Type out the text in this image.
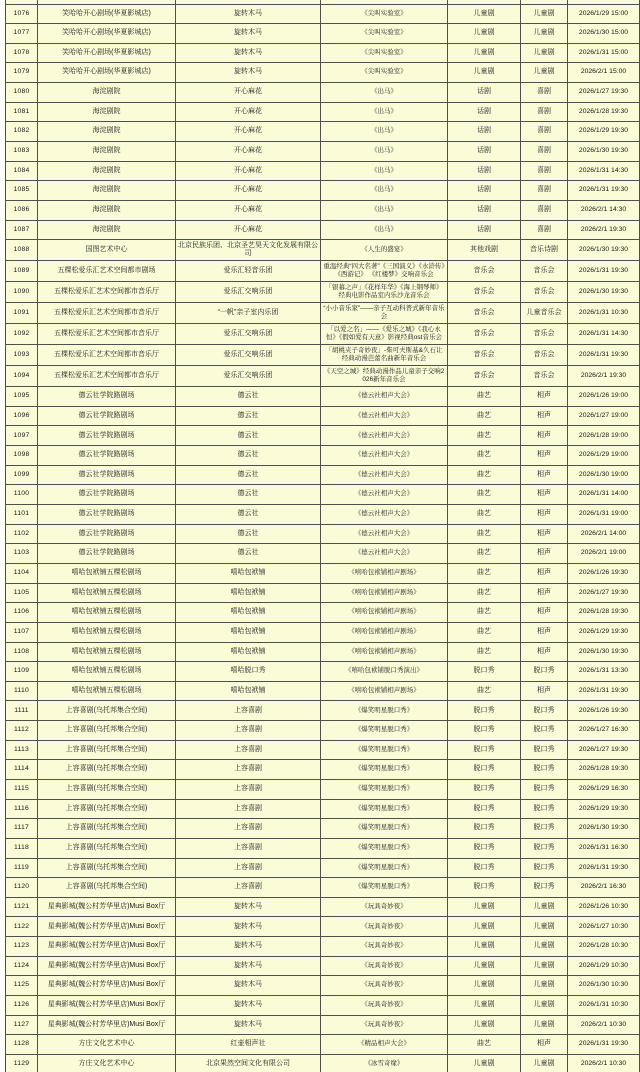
1076	笑哈哈开心剧场(华夏影城店)	旋转木马	《尖叫实验室》	儿童剧	儿童剧	2026/1/29 15:00
1077	笑哈哈开心剧场(华夏影城店)	旋转木马	《尖叫实验室》	儿童剧	儿童剧	2026/1/30 15:00
1078	笑哈哈开心剧场(华夏影城店)	旋转木马	《尖叫实验室》	儿童剧	儿童剧	2026/1/31 15:00
1079	笑哈哈开心剧场(华夏影城店)	旋转木马	《尖叫实验室》	儿童剧	儿童剧	2026/2/1 15:00
1080	海淀剧院	开心麻花	《出马》	话剧	喜剧	2026/1/27 19:30
1081	海淀剧院	开心麻花	《出马》	话剧	喜剧	2026/1/28 19:30
1082	海淀剧院	开心麻花	《出马》	话剧	喜剧	2026/1/29 19:30
1083	海淀剧院	开心麻花	《出马》	话剧	喜剧	2026/1/30 19:30
1084	海淀剧院	开心麻花	《出马》	话剧	喜剧	2026/1/31 14:30
1085	海淀剧院	开心麻花	《出马》	话剧	喜剧	2026/1/31 19:30
1086	海淀剧院	开心麻花	《出马》	话剧	喜剧	2026/2/1 14:30
1087	海淀剧院	开心麻花	《出马》	话剧	喜剧	2026/2/1 19:30
1088	国图艺术中心	北京民族乐团、北京圣艺昊天文化发展有限公司	《人生的盛宴》	其他戏剧	音乐诗剧	2026/1/30 19:30
1089	五棵松爱乐汇艺术空间都市剧场	爱乐汇轻音乐团	重温经典“四大名著”《三国演义》《水浒传》《西游记》 《红楼梦》交响音乐会	音乐会	音乐会	2026/1/31 19:30
1090	五棵松爱乐汇艺术空间都市音乐厅	爱乐汇交响乐团	「银幕之声」《花样年华》《海上钢琴师》经典电影作品室内乐沙龙音乐会	音乐会	音乐会	2026/1/30 19:30
1091	五棵松爱乐汇艺术空间都市音乐厅	“一帆”亲子室内乐团	“小小音乐家”——亲子互动科普式新年音乐会	音乐会	儿童音乐会	2026/1/31 10:30
1092	五棵松爱乐汇艺术空间都市音乐厅	爱乐汇交响乐团	「以爱之名」——《爱乐之城》《我心永恒》《假如爱有天意》影视经典ost音乐会	音乐会	音乐会	2026/1/31 14:30
1093	五棵松爱乐汇艺术空间都市音乐厅	爱乐汇交响乐团	「胡桃夹子奇妙夜」-柴可夫斯基&久石让经典动漫芭蕾名曲新年音乐会	音乐会	音乐会	2026/1/31 19:30
1094	五棵松爱乐汇艺术空间都市音乐厅	爱乐汇交响乐团	《天空之城》经典动漫作品儿童亲子交响2026新年音乐会	音乐会	音乐会	2026/2/1 19:30
1095	德云社学院路剧场	德云社	《德云社相声大会》	曲艺	相声	2026/1/26 19:00
1096	德云社学院路剧场	德云社	《德云社相声大会》	曲艺	相声	2026/1/27 19:00
1097	德云社学院路剧场	德云社	《德云社相声大会》	曲艺	相声	2026/1/28 19:00
1098	德云社学院路剧场	德云社	《德云社相声大会》	曲艺	相声	2026/1/29 19:00
1099	德云社学院路剧场	德云社	《德云社相声大会》	曲艺	相声	2026/1/30 19:00
1100	德云社学院路剧场	德云社	《德云社相声大会》	曲艺	相声	2026/1/31 14:00
1101	德云社学院路剧场	德云社	《德云社相声大会》	曲艺	相声	2026/1/31 19:00
1102	德云社学院路剧场	德云社	《德云社相声大会》	曲艺	相声	2026/2/1 14:00
1103	德云社学院路剧场	德云社	《德云社相声大会》	曲艺	相声	2026/2/1 19:00
1104	嘻哈包袱铺五棵松剧场	嘻哈包袱铺	《嘻哈包袱铺相声剧场》	曲艺	相声	2026/1/26 19:30
1105	嘻哈包袱铺五棵松剧场	嘻哈包袱铺	《嘻哈包袱铺相声剧场》	曲艺	相声	2026/1/27 19:30
1106	嘻哈包袱铺五棵松剧场	嘻哈包袱铺	《嘻哈包袱铺相声剧场》	曲艺	相声	2026/1/28 19:30
1107	嘻哈包袱铺五棵松剧场	嘻哈包袱铺	《嘻哈包袱铺相声剧场》	曲艺	相声	2026/1/29 19:30
1108	嘻哈包袱铺五棵松剧场	嘻哈包袱铺	《嘻哈包袱铺相声剧场》	曲艺	相声	2026/1/30 19:30
1109	嘻哈包袱铺五棵松剧场	嘻哈脱口秀	《嘻哈包袱铺脱口秀演出》	脱口秀	脱口秀	2026/1/31 13:30
1110	嘻哈包袱铺五棵松剧场	嘻哈包袱铺	《嘻哈包袱铺相声剧场》	曲艺	相声	2026/1/31 19:30
1111	上容喜剧(乌托邦集合空间)	上容喜剧	《爆笑明星脱口秀》	脱口秀	脱口秀	2026/1/26 19:30
1112	上容喜剧(乌托邦集合空间)	上容喜剧	《爆笑明星脱口秀》	脱口秀	脱口秀	2026/1/27 16:30
1113	上容喜剧(乌托邦集合空间)	上容喜剧	《爆笑明星脱口秀》	脱口秀	脱口秀	2026/1/27 19:30
1114	上容喜剧(乌托邦集合空间)	上容喜剧	《爆笑明星脱口秀》	脱口秀	脱口秀	2026/1/28 19:30
1115	上容喜剧(乌托邦集合空间)	上容喜剧	《爆笑明星脱口秀》	脱口秀	脱口秀	2026/1/29 16:30
1116	上容喜剧(乌托邦集合空间)	上容喜剧	《爆笑明星脱口秀》	脱口秀	脱口秀	2026/1/29 19:30
1117	上容喜剧(乌托邦集合空间)	上容喜剧	《爆笑明星脱口秀》	脱口秀	脱口秀	2026/1/30 19:30
1118	上容喜剧(乌托邦集合空间)	上容喜剧	《爆笑明星脱口秀》	脱口秀	脱口秀	2026/1/31 16:30
1119	上容喜剧(乌托邦集合空间)	上容喜剧	《爆笑明星脱口秀》	脱口秀	脱口秀	2026/1/31 19:30
1120	上容喜剧(乌托邦集合空间)	上容喜剧	《爆笑明星脱口秀》	脱口秀	脱口秀	2026/2/1 16:30
1121	星典影城(魏公村芳华里店)Musi Box厅	旋转木马	《玩具奇妙夜》	儿童剧	儿童剧	2026/1/26 10:30
1122	星典影城(魏公村芳华里店)Musi Box厅	旋转木马	《玩具奇妙夜》	儿童剧	儿童剧	2026/1/27 10:30
1123	星典影城(魏公村芳华里店)Musi Box厅	旋转木马	《玩具奇妙夜》	儿童剧	儿童剧	2026/1/28 10:30
1124	星典影城(魏公村芳华里店)Musi Box厅	旋转木马	《玩具奇妙夜》	儿童剧	儿童剧	2026/1/29 10:30
1125	星典影城(魏公村芳华里店)Musi Box厅	旋转木马	《玩具奇妙夜》	儿童剧	儿童剧	2026/1/30 10:30
1126	星典影城(魏公村芳华里店)Musi Box厅	旋转木马	《玩具奇妙夜》	儿童剧	儿童剧	2026/1/31 10:30
1127	星典影城(魏公村芳华里店)Musi Box厅	旋转木马	《玩具奇妙夜》	儿童剧	儿童剧	2026/2/1 10:30
1128	方庄文化艺术中心	红壶相声社	《精品相声大会》	曲艺	相声	2026/1/31 19:30
1129	方庄文化艺术中心	北京果然空间文化有限公司	《冰雪奇缘》	儿童剧	儿童剧	2026/2/1 10:30
